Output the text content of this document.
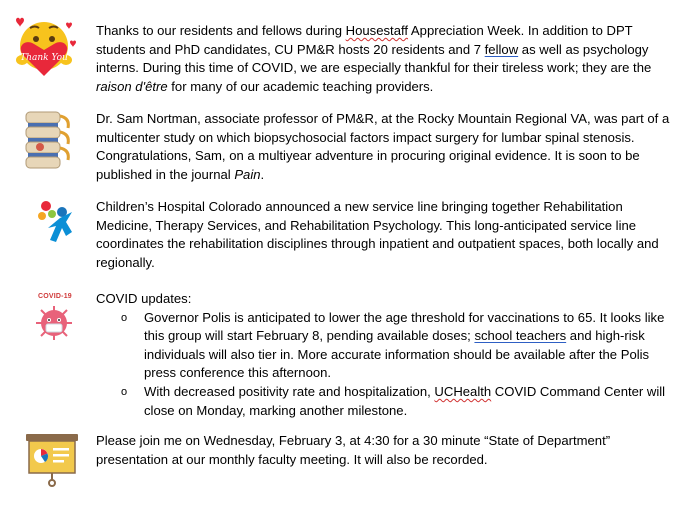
Thank You

Thanks to our residents and fellows during Housestaff Appreciation Week. In addition to DPT students and PhD candidates, CU PM&R hosts 20 residents and 7 fellow as well as psychology interns. During this time of COVID, we are especially thankful for their tireless work; they are the raison d'être for many of our academic teaching providers.

Dr. Sam Nortman, associate professor of PM&R, at the Rocky Mountain Regional VA, was part of a multicenter study on which biopsychosocial factors impact surgery for lumbar spinal stenosis. Congratulations, Sam, on a multiyear adventure in procuring original evidence. It is soon to be published in the journal Pain.

Children’s Hospital Colorado announced a new service line bringing together Rehabilitation Medicine, Therapy Services, and Rehabilitation Psychology. This long-anticipated service line coordinates the rehabilitation disciplines through inpatient and outpatient spaces, both locally and regionally.

COVID-19 COVID updates:

o Governor Polis is anticipated to lower the age threshold for vaccinations to 65. It looks like this group will start February 8, pending available doses; school teachers and high-risk individuals will also tier in. More accurate information should be available after the Polis press conference this afternoon.
o With decreased positivity rate and hospitalization, UCHealth COVID Command Center will close on Monday, marking another milestone.

Please join me on Wednesday, February 3, at 4:30 for a 30 minute “State of Department” presentation at our monthly faculty meeting. It will also be recorded.
